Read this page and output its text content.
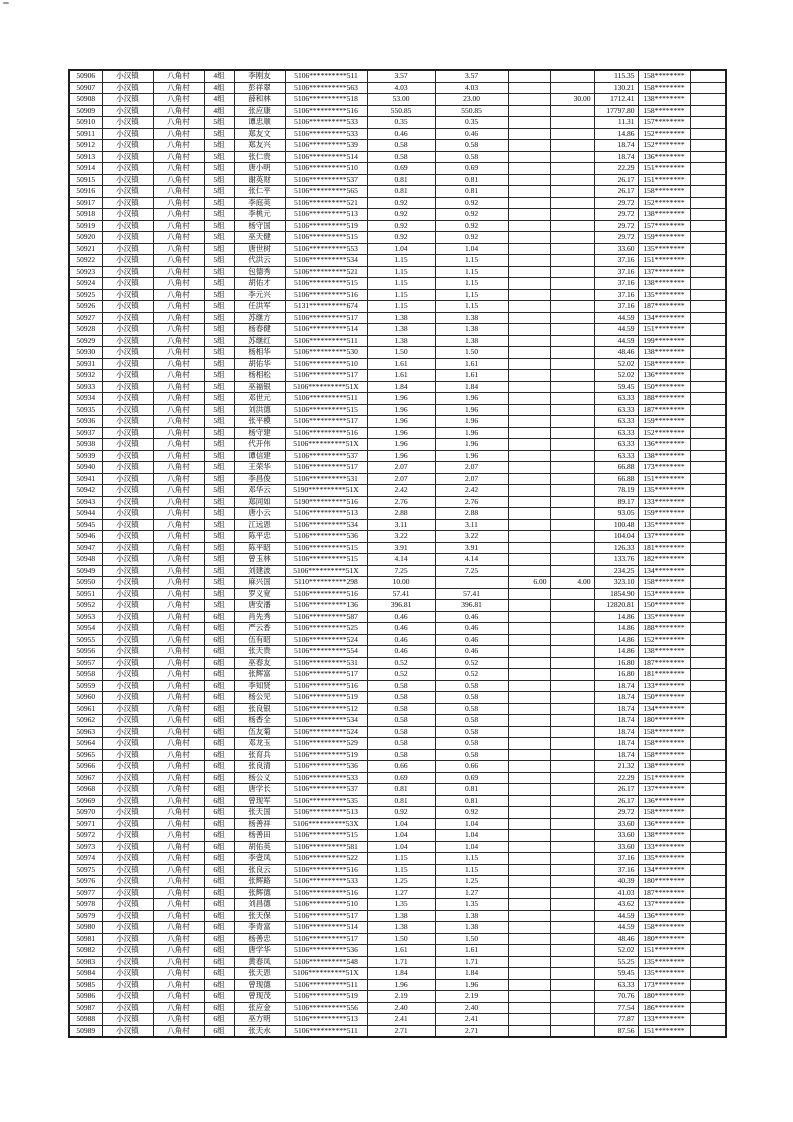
50906	小汉镇	八角村	4组	李刚友	5106**********511	3.57	3.57			115.35	158********	
50907	小汉镇	八角村	4组	彭祥翠	5106**********563	4.03	4.03			130.21	158********	
50908	小汉镇	八角村	4组	薛和林	5106**********518	53.00	23.00		30.00	1712.41	138********	
50909	小汉镇	八角村	4组	张应康	5106**********516	550.85	550.85			17797.80	158********	
50910	小汉镇	八角村	5组	谭忠顺	5106**********533	0.35	0.35			11.31	157********	
50911	小汉镇	八角村	5组	郑友文	5106**********533	0.46	0.46			14.86	152********	
50912	小汉镇	八角村	5组	郑友兴	5106**********539	0.58	0.58			18.74	152********	
50913	小汉镇	八角村	5组	张仁贵	5106**********514	0.58	0.58			18.74	136********	
50914	小汉镇	八角村	5组	唐小明	5106**********510	0.69	0.69			22.29	151********	
50915	小汉镇	八角村	5组	谢英财	5106**********537	0.81	0.81			26.17	151********	
50916	小汉镇	八角村	5组	张仁平	5106**********565	0.81	0.81			26.17	158********	
50917	小汉镇	八角村	5组	李庭英	5106**********521	0.92	0.92			29.72	152********	
50918	小汉镇	八角村	5组	李桃元	5106**********513	0.92	0.92			29.72	138********	
50919	小汉镇	八角村	5组	杨守国	5106**********519	0.92	0.92			29.72	157********	
50920	小汉镇	八角村	5组	巫天健	5106**********515	0.92	0.92			29.72	159********	
50921	小汉镇	八角村	5组	唐世树	5106**********553	1.04	1.04			33.60	135********	
50922	小汉镇	八角村	5组	代洪云	5106**********534	1.15	1.15			37.16	151********	
50923	小汉镇	八角村	5组	包德秀	5106**********521	1.15	1.15			37.16	137********	
50924	小汉镇	八角村	5组	胡佑才	5106**********515	1.15	1.15			37.16	138********	
50925	小汉镇	八角村	5组	李元兴	5106**********516	1.15	1.15			37.16	135********	
50926	小汉镇	八角村	5组	任洪军	5131**********674	1.15	1.15			37.16	187********	
50927	小汉镇	八角村	5组	苏继方	5106**********517	1.38	1.38			44.59	134********	
50928	小汉镇	八角村	5组	杨春健	5106**********514	1.38	1.38			44.59	151********	
50929	小汉镇	八角村	5组	苏继红	5106**********511	1.38	1.38			44.59	199********	
50930	小汉镇	八角村	5组	杨相华	5106**********530	1.50	1.50			48.46	138********	
50931	小汉镇	八角村	5组	胡佑华	5106**********510	1.61	1.61			52.02	158********	
50932	小汉镇	八角村	5组	杨相松	5106**********517	1.61	1.61			52.02	136********	
50933	小汉镇	八角村	5组	巫福银	5106**********51X	1.84	1.84			59.45	150********	
50934	小汉镇	八角村	5组	邓世元	5106**********511	1.96	1.96			63.33	188********	
50935	小汉镇	八角村	5组	刘洪德	5106**********515	1.96	1.96			63.33	187********	
50936	小汉镇	八角村	5组	张平模	5106**********517	1.96	1.96			63.33	159********	
50937	小汉镇	八角村	5组	杨守建	5106**********516	1.96	1.96			63.33	152********	
50938	小汉镇	八角村	5组	代开伟	5106**********51X	1.96	1.96			63.33	136********	
50939	小汉镇	八角村	5组	谭信建	5106**********537	1.96	1.96			63.33	138********	
50940	小汉镇	八角村	5组	王荣华	5106**********517	2.07	2.07			66.88	173********	
50941	小汉镇	八角村	5组	李昌俊	5106**********531	2.07	2.07			66.88	151********	
50942	小汉镇	八角村	5组	邓华云	5190**********51X	2.42	2.42			78.19	135********	
50943	小汉镇	八角村	5组	郑同如	5190**********516	2.76	2.76			89.17	133********	
50944	小汉镇	八角村	5组	唐小云	5106**********513	2.88	2.88			93.05	159********	
50945	小汉镇	八角村	5组	江远恩	5106**********534	3.11	3.11			100.48	135********	
50946	小汉镇	八角村	5组	陈平忠	5106**********536	3.22	3.22			104.04	137********	
50947	小汉镇	八角村	5组	陈平昭	5106**********515	3.91	3.91			126.33	181********	
50948	小汉镇	八角村	5组	曾玉林	5106**********515	4.14	4.14			133.76	182********	
50949	小汉镇	八角村	5组	刘建波	5106**********51X	7.25	7.25			234.25	134********	
50950	小汉镇	八角村	5组	麻兴国	5110**********298	10.00		6.00	4.00	323.10	158********	
50951	小汉镇	八角村	5组	罗义宽	5106**********516	57.41	57.41			1854.90	153********	
50952	小汉镇	八角村	5组	唐安潘	5106**********136	396.81	396.81			12820.81	150********	
50953	小汉镇	八角村	6组	肖先秀	5106**********587	0.46	0.46			14.86	135********	
50954	小汉镇	八角村	6组	严云香	5106**********525	0.46	0.46			14.86	188********	
50955	小汉镇	八角村	6组	伍有昭	5106**********524	0.46	0.46			14.86	152********	
50956	小汉镇	八角村	6组	张天贵	5106**********554	0.46	0.46			14.86	138********	
50957	小汉镇	八角村	6组	巫春友	5106**********531	0.52	0.52			16.80	187********	
50958	小汉镇	八角村	6组	张辉富	5106**********517	0.52	0.52			16.80	181********	
50959	小汉镇	八角村	6组	李知贤	5106**********516	0.58	0.58			18.74	133********	
50960	小汉镇	八角村	6组	杨公见	5106**********519	0.58	0.58			18.74	150********	
50961	小汉镇	八角村	6组	张良银	5106**********512	0.58	0.58			18.74	134********	
50962	小汉镇	八角村	6组	杨香全	5106**********534	0.58	0.58			18.74	180********	
50963	小汉镇	八角村	6组	伍友菊	5106**********524	0.58	0.58			18.74	158********	
50964	小汉镇	八角村	6组	邓龙玉	5106**********529	0.58	0.58			18.74	158********	
50965	小汉镇	八角村	6组	张育兵	5106**********519	0.58	0.58			18.74	158********	
50966	小汉镇	八角村	6组	张良清	5106**********536	0.66	0.66			21.32	138********	
50967	小汉镇	八角村	6组	杨公义	5106**********533	0.69	0.69			22.29	151********	
50968	小汉镇	八角村	6组	唐学长	5106**********537	0.81	0.81			26.17	137********	
50969	小汉镇	八角村	6组	曾现军	5106**********535	0.81	0.81			26.17	136********	
50970	小汉镇	八角村	6组	张天国	5106**********513	0.92	0.92			29.72	158********	
50971	小汉镇	八角村	6组	杨善祥	5106**********53X	1.04	1.04			33.60	136********	
50972	小汉镇	八角村	6组	杨善田	5106**********515	1.04	1.04			33.60	138********	
50973	小汉镇	八角村	6组	胡佑英	5106**********581	1.04	1.04			33.60	133********	
50974	小汉镇	八角村	6组	李壹凤	5106**********522	1.15	1.15			37.16	135********	
50975	小汉镇	八角村	6组	张良云	5106**********516	1.15	1.15			37.16	134********	
50976	小汉镇	八角村	6组	张辉路	5106**********533	1.25	1.25			40.39	180********	
50977	小汉镇	八角村	6组	张辉德	5106**********516	1.27	1.27			41.03	187********	
50978	小汉镇	八角村	6组	刘昌德	5106**********510	1.35	1.35			43.62	137********	
50979	小汉镇	八角村	6组	张天保	5106**********517	1.38	1.38			44.59	136********	
50980	小汉镇	八角村	6组	李青富	5106**********514	1.38	1.38			44.59	158********	
50981	小汉镇	八角村	6组	杨善忠	5106**********517	1.50	1.50			48.46	180********	
50982	小汉镇	八角村	6组	唐学华	5106**********536	1.61	1.61			52.02	151********	
50983	小汉镇	八角村	6组	黄春凤	5106**********548	1.71	1.71			55.25	135********	
50984	小汉镇	八角村	6组	张天恩	5106**********51X	1.84	1.84			59.45	135********	
50985	小汉镇	八角村	6组	曾现德	5106**********511	1.96	1.96			63.33	173********	
50986	小汉镇	八角村	6组	曾现茂	5106**********519	2.19	2.19			70.76	180********	
50987	小汉镇	八角村	6组	张应金	5106**********556	2.40	2.40			77.54	186********	
50988	小汉镇	八角村	6组	巫方明	5106**********513	2.41	2.41			77.87	133********	
50989	小汉镇	八角村	6组	张天水	5106**********511	2.71	2.71			87.56	151********	
